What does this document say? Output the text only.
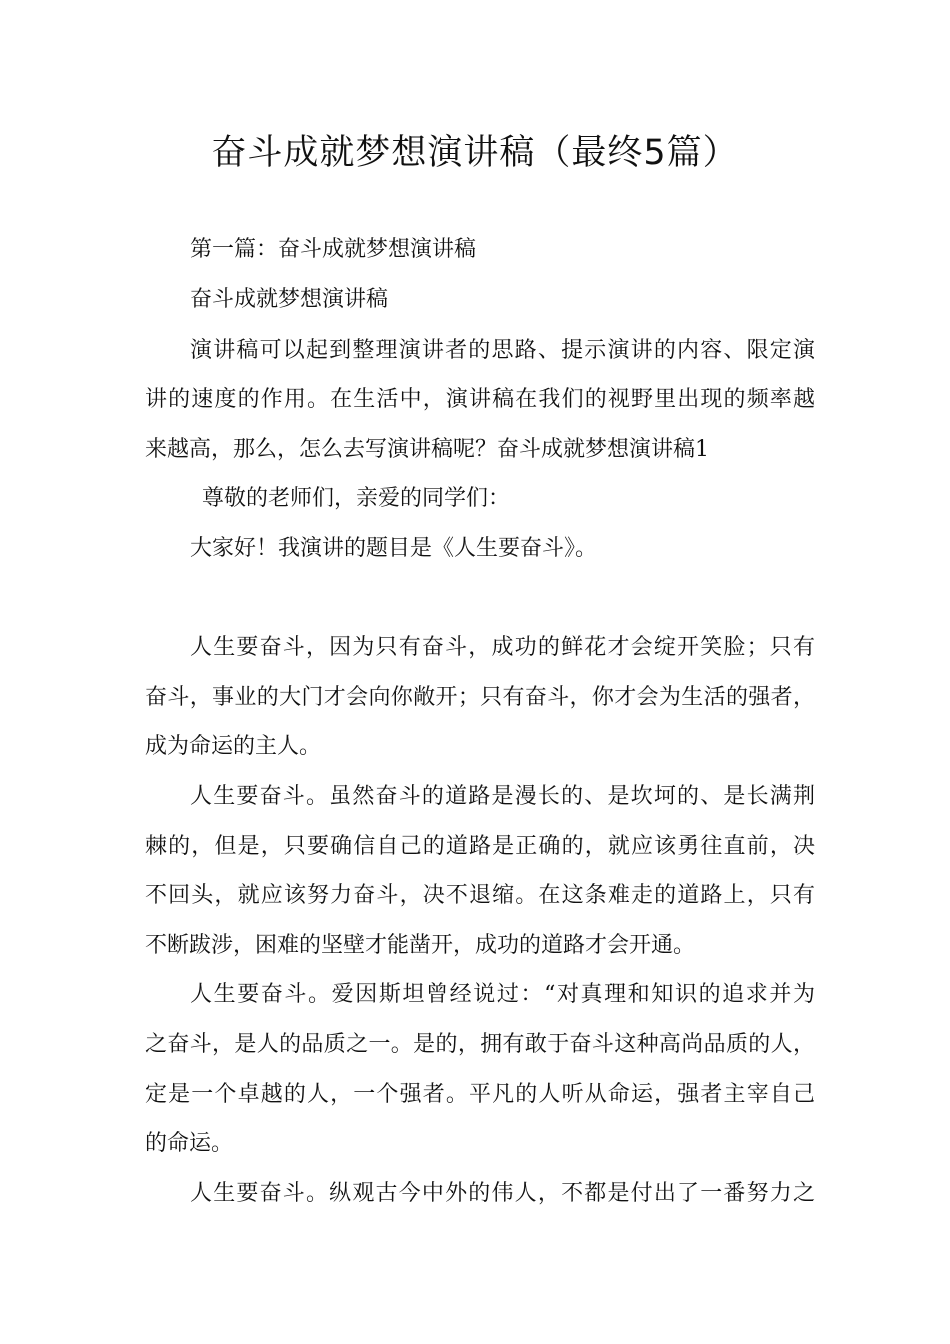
奋斗成就梦想演讲稿（最终5篇）
第一篇：奋斗成就梦想演讲稿
奋斗成就梦想演讲稿
演讲稿可以起到整理演讲者的思路、提示演讲的内容、限定演
讲的速度的作用。在生活中，演讲稿在我们的视野里出现的频率越
来越高，那么，怎么去写演讲稿呢？奋斗成就梦想演讲稿1
尊敬的老师们，亲爱的同学们：
大家好！我演讲的题目是《人生要奋斗》。
人生要奋斗，因为只有奋斗，成功的鲜花才会绽开笑脸；只有
奋斗，事业的大门才会向你敞开；只有奋斗，你才会为生活的强者，
成为命运的主人。
人生要奋斗。虽然奋斗的道路是漫长的、是坎坷的、是长满荆
棘的，但是，只要确信自己的道路是正确的，就应该勇往直前，决
不回头，就应该努力奋斗，决不退缩。在这条难走的道路上，只有
不断跋涉，困难的坚壁才能凿开，成功的道路才会开通。
人生要奋斗。爱因斯坦曾经说过：“对真理和知识的追求并为
之奋斗，是人的品质之一。是的，拥有敢于奋斗这种高尚品质的人，
定是一个卓越的人，一个强者。平凡的人听从命运，强者主宰自己
的命运。
人生要奋斗。纵观古今中外的伟人，不都是付出了一番努力之
